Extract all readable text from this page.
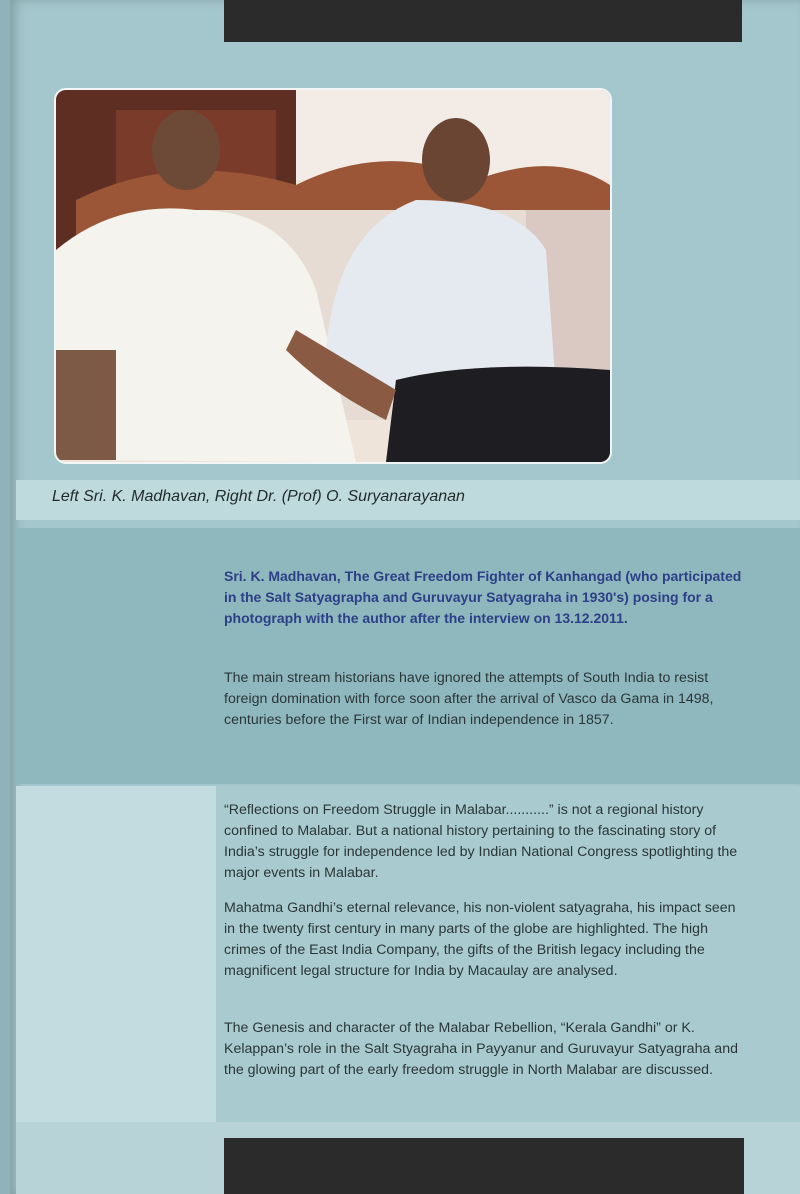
Left Sri. K. Madhavan, Right Dr. (Prof) O. Suryanarayanan

Sri. K. Madhavan, The Great Freedom Fighter of Kanhangad (who participated in the Salt Satyagrapha and Guruvayur Satyagraha in 1930's) posing for a photograph with the author after the interview on 13.12.2011.

The main stream historians have ignored the attempts of South India to resist foreign domination with force soon after the arrival of Vasco da Gama in 1498, centuries before the First war of Indian independence in 1857.

“Reflections on Freedom Struggle in Malabar...........” is not a regional history confined to Malabar. But a national history pertaining to the fascinating story of India’s struggle for independence led by Indian National Congress spotlighting the major events in Malabar.

Mahatma Gandhi’s eternal relevance, his non-violent satyagraha, his impact seen in the twenty first century in many parts of the globe are highlighted. The high crimes of the East India Company, the gifts of the British legacy including the magnificent legal structure for India by Macaulay are analysed.

The Genesis and character of the Malabar Rebellion, “Kerala Gandhi” or K. Kelappan’s role in the Salt Styagraha in Payyanur and Guruvayur Satyagraha and the glowing part of the early freedom struggle in North Malabar are discussed.
